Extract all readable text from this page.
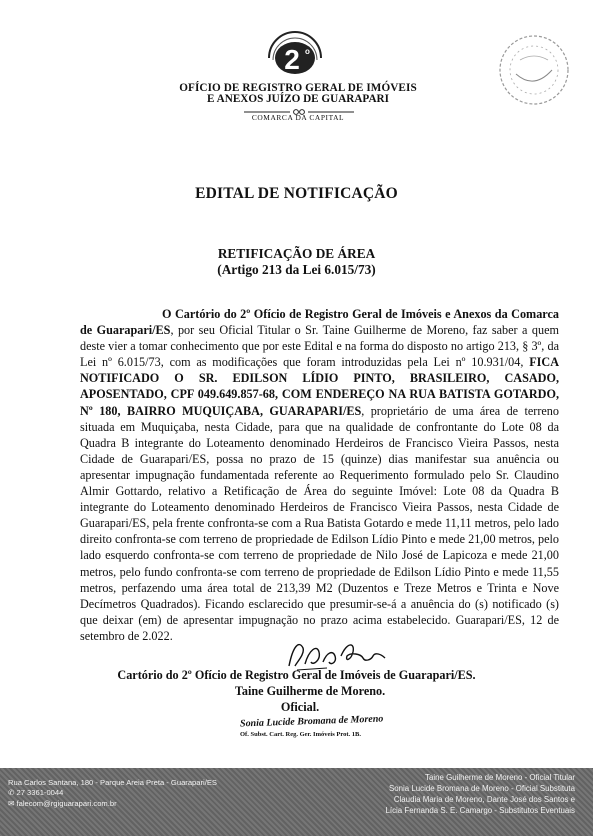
2 o
OFÍCIO DE REGISTRO GERAL DE IMÓVEIS
E ANEXOS JUÍZO DE GUARAPARI
COMARCA DA CAPITAL
EDITAL DE NOTIFICAÇÃO
RETIFICAÇÃO DE ÁREA
(Artigo 213 da Lei 6.015/73)
O Cartório do 2º Ofício de Registro Geral de Imóveis e Anexos da Comarca de Guarapari/ES, por seu Oficial Titular o Sr. Taine Guilherme de Moreno, faz saber a quem deste vier a tomar conhecimento que por este Edital e na forma do disposto no artigo 213, § 3º, da Lei nº 6.015/73, com as modificações que foram introduzidas pela Lei nº 10.931/04, FICA NOTIFICADO O SR. EDILSON LÍDIO PINTO, BRASILEIRO, CASADO, APOSENTADO, CPF 049.649.857-68, COM ENDEREÇO NA RUA BATISTA GOTARDO, Nº 180, BAIRRO MUQUIÇABA, GUARAPARI/ES, proprietário de uma área de terreno situada em Muquiçaba, nesta Cidade, para que na qualidade de confrontante do Lote 08 da Quadra B integrante do Loteamento denominado Herdeiros de Francisco Vieira Passos, nesta Cidade de Guarapari/ES, possa no prazo de 15 (quinze) dias manifestar sua anuência ou apresentar impugnação fundamentada referente ao Requerimento formulado pelo Sr. Claudino Almir Gottardo, relativo a Retificação de Área do seguinte Imóvel: Lote 08 da Quadra B integrante do Loteamento denominado Herdeiros de Francisco Vieira Passos, nesta Cidade de Guarapari/ES, pela frente confronta-se com a Rua Batista Gotardo e mede 11,11 metros, pelo lado direito confronta-se com terreno de propriedade de Edilson Lídio Pinto e mede 21,00 metros, pelo lado esquerdo confronta-se com terreno de propriedade de Nilo José de Lapicoza e mede 21,00 metros, pelo fundo confronta-se com terreno de propriedade de Edilson Lídio Pinto e mede 11,55 metros, perfazendo uma área total de 213,39 M2 (Duzentos e Treze Metros e Trinta e Nove Decímetros Quadrados). Ficando esclarecido que presumir-se-á a anuência do (s) notificado (s) que deixar (em) de apresentar impugnação no prazo acima estabelecido. Guarapari/ES, 12 de setembro de 2.022.
Cartório do 2º Ofício de Registro Geral de Imóveis de Guarapari/ES.
Taine Guilherme de Moreno.
Oficial.
Sonia Lucide Bromana de Moreno
Of. Subst. Cart. Reg. Ger. Imóveis Prot. 1B.
Rua Carlos Santana, 180 - Parque Areia Preta - Guarapari/ES
✆ 27 3361-0044
✉ falecom@rgiguarapari.com.br
Taine Guilherme de Moreno - Oficial Titular
Sonia Lucide Bromana de Moreno - Oficial Substituta
Claudia Maria de Moreno, Dante José dos Santos e
Lícia Fernanda S. E. Camargo - Substitutos Eventuais
